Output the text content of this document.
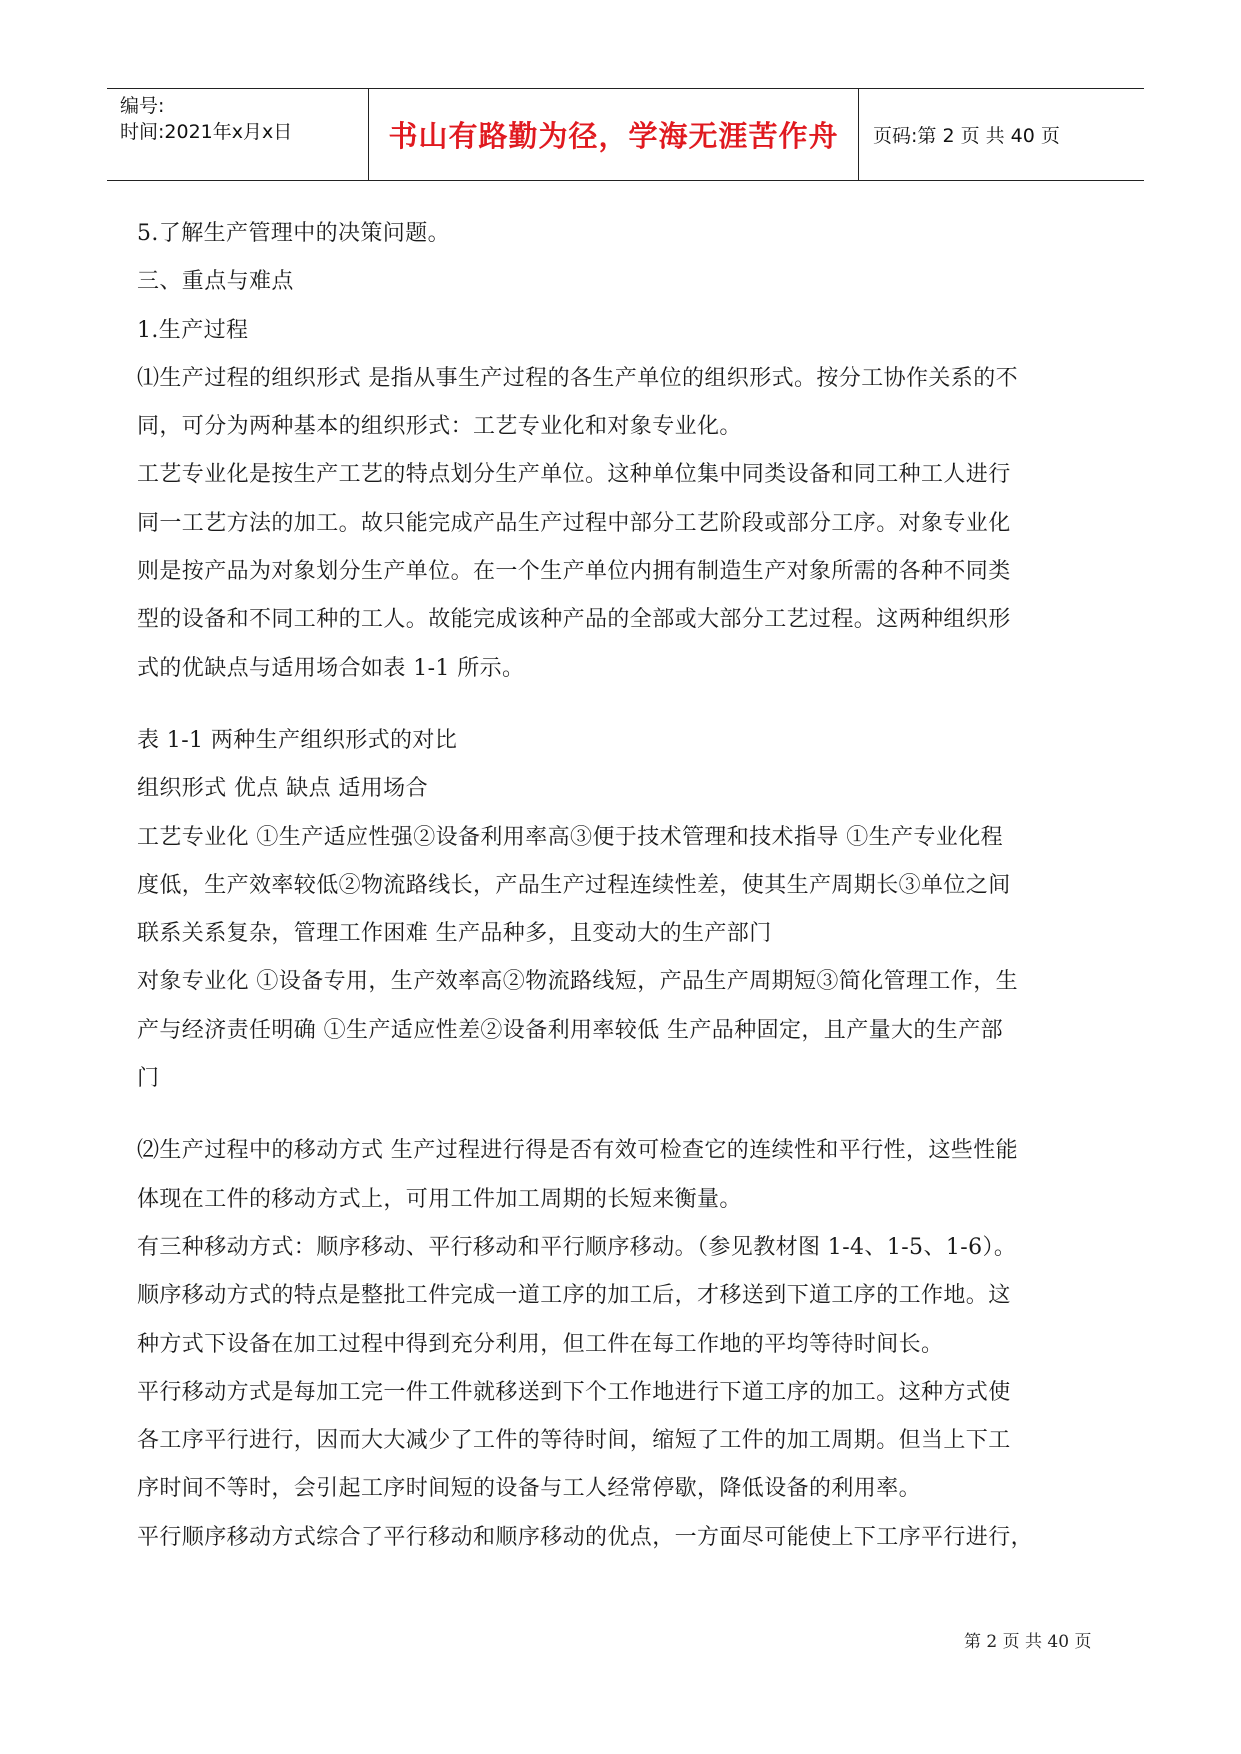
编号:
时间:2021年x月x日	书山有路勤为径，学海无涯苦作舟 页码:第 2 页 共 40 页
5.了解生产管理中的决策问题。
三、重点与难点
1.生产过程
⑴生产过程的组织形式 是指从事生产过程的各生产单位的组织形式。按分工协作关系的不
同，可分为两种基本的组织形式：工艺专业化和对象专业化。
工艺专业化是按生产工艺的特点划分生产单位。这种单位集中同类设备和同工种工人进行
同一工艺方法的加工。故只能完成产品生产过程中部分工艺阶段或部分工序。对象专业化
则是按产品为对象划分生产单位。在一个生产单位内拥有制造生产对象所需的各种不同类
型的设备和不同工种的工人。故能完成该种产品的全部或大部分工艺过程。这两种组织形
式的优缺点与适用场合如表 1-1 所示。
表 1-1 两种生产组织形式的对比
组织形式 优点 缺点 适用场合
工艺专业化 ①生产适应性强②设备利用率高③便于技术管理和技术指导 ①生产专业化程
度低，生产效率较低②物流路线长，产品生产过程连续性差，使其生产周期长③单位之间
联系关系复杂，管理工作困难 生产品种多，且变动大的生产部门
对象专业化 ①设备专用，生产效率高②物流路线短，产品生产周期短③简化管理工作，生
产与经济责任明确 ①生产适应性差②设备利用率较低 生产品种固定，且产量大的生产部
门
⑵生产过程中的移动方式 生产过程进行得是否有效可检查它的连续性和平行性，这些性能
体现在工件的移动方式上，可用工件加工周期的长短来衡量。
有三种移动方式：顺序移动、平行移动和平行顺序移动。（参见教材图 1-4、1-5、1-6）。
顺序移动方式的特点是整批工件完成一道工序的加工后，才移送到下道工序的工作地。这
种方式下设备在加工过程中得到充分利用，但工件在每工作地的平均等待时间长。
平行移动方式是每加工完一件工件就移送到下个工作地进行下道工序的加工。这种方式使
各工序平行进行，因而大大减少了工件的等待时间，缩短了工件的加工周期。但当上下工
序时间不等时，会引起工序时间短的设备与工人经常停歇，降低设备的利用率。
平行顺序移动方式综合了平行移动和顺序移动的优点，一方面尽可能使上下工序平行进行，
第 2 页 共 40 页
